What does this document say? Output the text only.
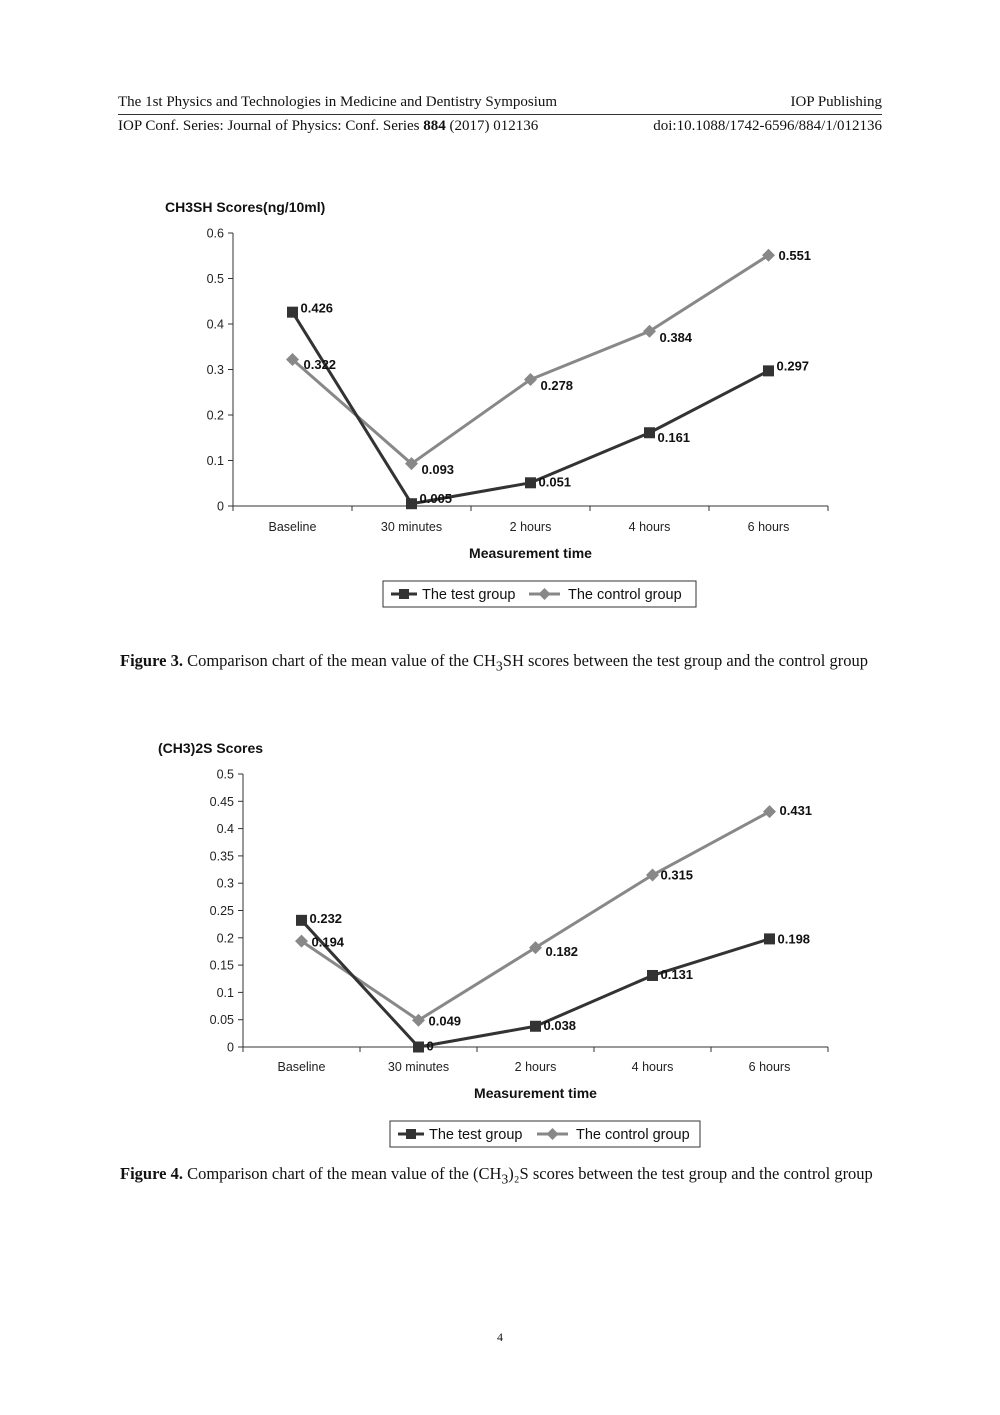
The 1st Physics and Technologies in Medicine and Dentistry Symposium	IOP Publishing
IOP Conf. Series: Journal of Physics: Conf. Series 884 (2017) 012136	doi:10.1088/1742-6596/884/1/012136
CH3SH Scores(ng/10ml)
0
0.1
0.2
0.3
0.4
0.5
0.6
Baseline	30 minutes	2 hours	4 hours	6 hours
Measurement time
0.426
0.005
0.051
0.161
0.297
0.322
0.093
0.278
0.384
0.551
The test group	The control group
Figure 3. Comparison chart of the mean value of the $CH_3SH$ scores between the test group and the control group
(CH3)2S Scores
0
0.05
0.1
0.15
0.2
0.25
0.3
0.35
0.4
0.45
0.5
Baseline	30 minutes	2 hours	4 hours	6 hours
Measurement time
0.232
0
0.038
0.131
0.198
0.194
0.049
0.182
0.315
0.431
The test group	The control group
Figure 4. Comparison chart of the mean value of the $(CH_3)_2S$ scores between the test group and the control group
4
